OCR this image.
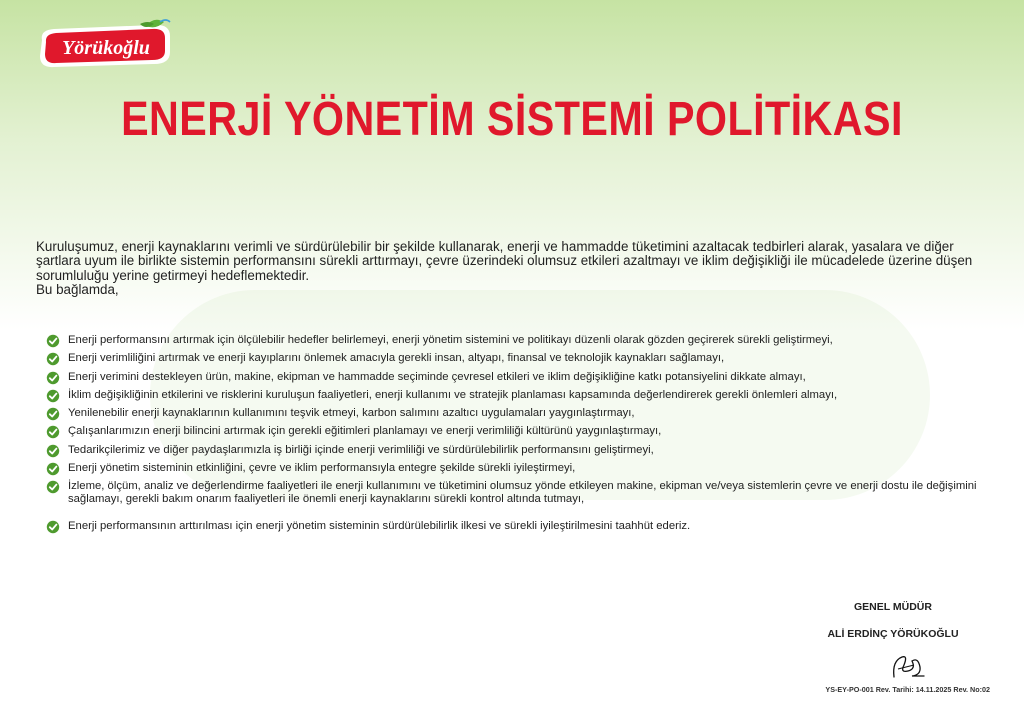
Yörükoğlu
ENERJİ YÖNETİM SİSTEMİ POLİTİKASI

Kuruluşumuz, enerji kaynaklarını verimli ve sürdürülebilir bir şekilde kullanarak, enerji ve hammadde tüketimini azaltacak tedbirleri alarak, yasalara ve diğer şartlara uyum ile birlikte sistemin performansını sürekli arttırmayı, çevre üzerindeki olumsuz etkileri azaltmayı ve iklim değişikliği ile mücadelede üzerine düşen sorumluluğu yerine getirmeyi hedeflemektedir.

Bu bağlamda,

Enerji performansını artırmak için ölçülebilir hedefler belirlemeyi, enerji yönetim sistemini ve politikayı düzenli olarak gözden geçirerek sürekli geliştirmeyi,
Enerji verimliliğini artırmak ve enerji kayıplarını önlemek amacıyla gerekli insan, altyapı, finansal ve teknolojik kaynakları sağlamayı,
Enerji verimini destekleyen ürün, makine, ekipman ve hammadde seçiminde çevresel etkileri ve iklim değişikliğine katkı potansiyelini dikkate almayı,
İklim değişikliğinin etkilerini ve risklerini kuruluşun faaliyetleri, enerji kullanımı ve stratejik planlaması kapsamında değerlendirerek gerekli önlemleri almayı,
Yenilenebilir enerji kaynaklarının kullanımını teşvik etmeyi, karbon salımını azaltıcı uygulamaları yaygınlaştırmayı,
Çalışanlarımızın enerji bilincini artırmak için gerekli eğitimleri planlamayı ve enerji verimliliği kültürünü yaygınlaştırmayı,
Tedarikçilerimiz ve diğer paydaşlarımızla iş birliği içinde enerji verimliliği ve sürdürülebilirlik performansını geliştirmeyi,
Enerji yönetim sisteminin etkinliğini, çevre ve iklim performansıyla entegre şekilde sürekli iyileştirmeyi,
İzleme, ölçüm, analiz ve değerlendirme faaliyetleri ile enerji kullanımını ve tüketimini olumsuz yönde etkileyen makine, ekipman ve/veya sistemlerin çevre ve enerji dostu ile değişimini sağlamayı, gerekli bakım onarım faaliyetleri ile önemli enerji kaynaklarını sürekli kontrol altında tutmayı,
Enerji performansının arttırılması için enerji yönetim sisteminin sürdürülebilirlik ilkesi ve sürekli iyileştirilmesini taahhüt ederiz.
GENEL MÜDÜR
ALİ ERDİNÇ YÖRÜKOĞLU
YS-EY-PO-001 Rev. Tarihi: 14.11.2025 Rev. No:02
